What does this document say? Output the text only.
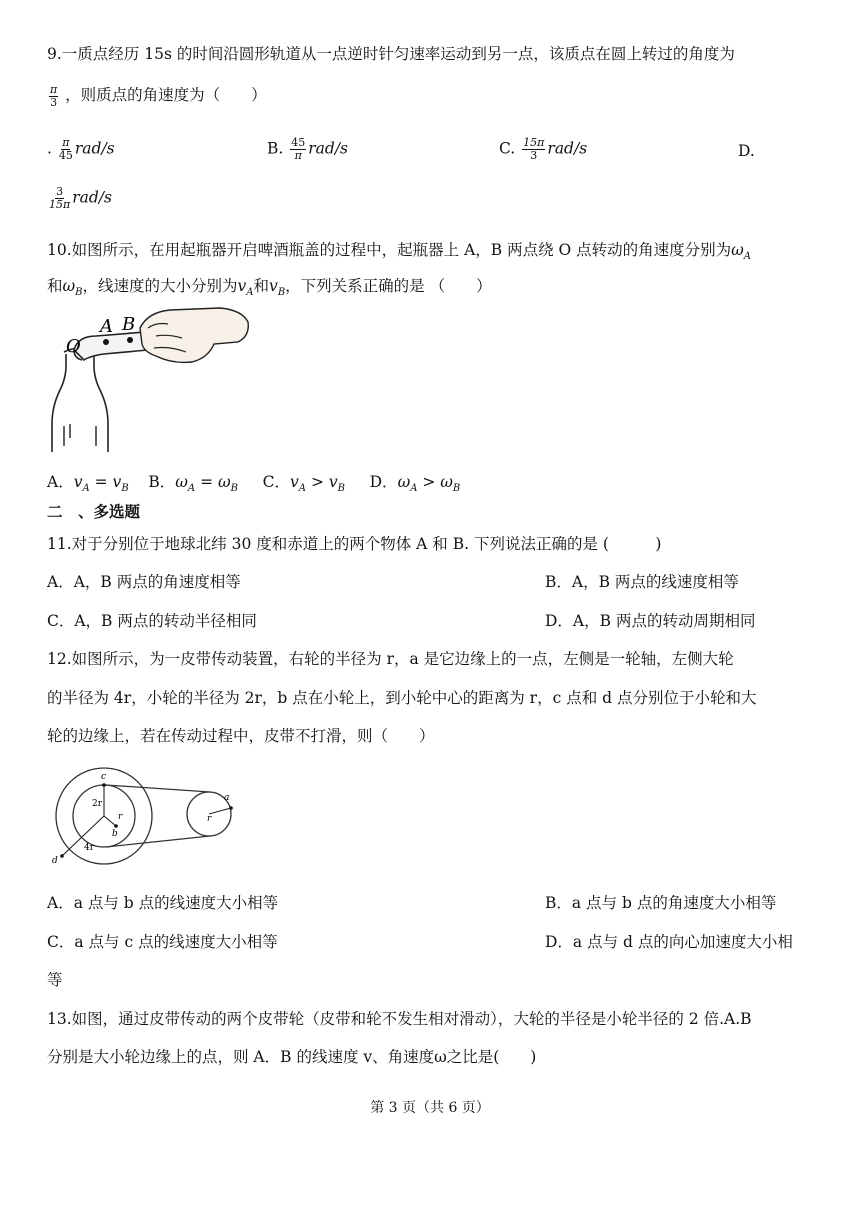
9.一质点经历 15s 的时间沿圆形轨道从一点逆时针匀速率运动到另一点，该质点在圆上转过的角度为
$\frac{\pi}{3}$ ，则质点的角速度为（　　）
. $\frac{\pi}{45} rad/s$	B. $\frac{45}{\pi} rad/s$	C. $\frac{15\pi}{3} rad/s$	D.
$\frac{3}{15\pi} rad/s$
10.如图所示，在用起瓶器开启啤酒瓶盖的过程中，起瓶器上 A，B 两点绕 O 点转动的角速度分别为$\omega_A$
和$\omega_B$，线速度的大小分别为$v_A$和$v_B$，下列关系正确的是 （　　）
O
A B
A．$v_A = v_B$ B．$\omega_A = \omega_B$ C．$v_A > v_B$ D．$\omega_A > \omega_B$
二　、多选题
11.对于分别位于地球北纬 30 度和赤道上的两个物体 A 和 B. 下列说法正确的是 (　　　)
A．A，B 两点的角速度相等	B．A，B 两点的线速度相等
C．A，B 两点的转动半径相同	D．A，B 两点的转动周期相同
12.如图所示，为一皮带传动装置，右轮的半径为 r，a 是它边缘上的一点，左侧是一轮轴，左侧大轮
的半径为 4r，小轮的半径为 2r，b 点在小轮上，到小轮中心的距离为 r，c 点和 d 点分别位于小轮和大
轮的边缘上，若在传动过程中，皮带不打滑，则（　　）
c
2r
r
b
4r
d
a
r
A．a 点与 b 点的线速度大小相等	B．a 点与 b 点的角速度大小相等
C．a 点与 c 点的线速度大小相等	D．a 点与 d 点的向心加速度大小相
等
13.如图，通过皮带传动的两个皮带轮（皮带和轮不发生相对滑动），大轮的半径是小轮半径的 2 倍.A.B
分别是大小轮边缘上的点，则 A．B 的线速度 v、角速度ω之比是(　　)
第 3 页（共 6 页）
